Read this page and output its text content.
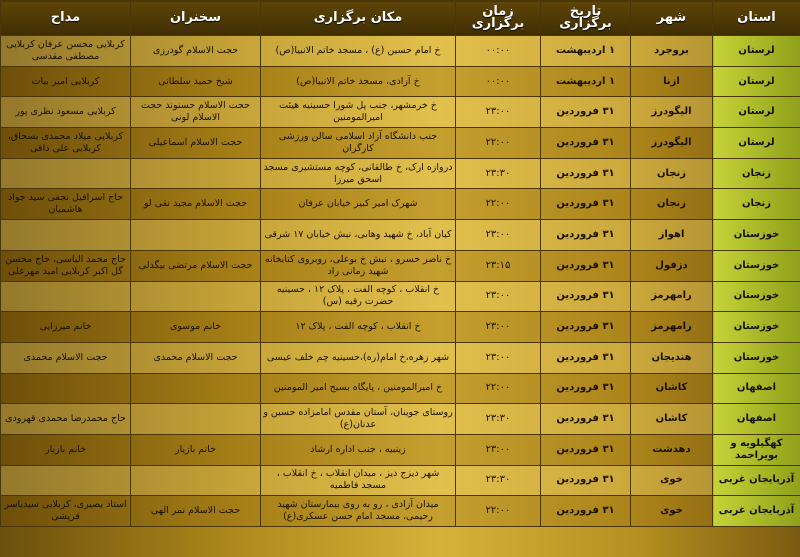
استان	شهر	تاریخ برگزاری	زمان برگزاری	مکان برگزاری	سخنران	مداح
لرستان	بروجرد	۱ اردیبهشت	۰۰:۰۰	خ امام حسین (ع) ، مسجد خاتم الانبیا(ص)	حجت الاسلام گودرزی	کربلایی محسن عرفان کربلایی مصطفی مقدسی
لرستان	ازنا	۱ اردیبهشت	۰۰:۰۰	خ آزادی، مسجد خاتم الانبیا(ص)	شیخ حمید سلطانی	کربلایی امیر بیات
لرستان	الیگودرز	۳۱ فروردین	۲۳:۰۰	خ خرمشهر، جنب پل شورا حسینیه هیئت امیرالمومنین	حجت الاسلام حسنوند حجت الاسلام لونی	کربلایی مسعود نظری پور
لرستان	الیگودرز	۳۱ فروردین	۲۲:۰۰	جنب دانشگاه آزاد اسلامی سالن ورزشی کارگران	حجت الاسلام اسماعیلی	کربلایی میلاد محمدی بسحاق، کربلایی علی ذاقی
زنجان	زنجان	۳۱ فروردین	۲۳:۳۰	دروازه ارک، خ طالقانی، کوچه مستشیری مسجد اسحق میرزا		
زنجان	زنجان	۳۱ فروردین	۲۲:۰۰	شهرک امیر کبیر خیابان عرفان	حجت الاسلام مجید نقی لو	حاج اسرافیل نجفی سید جواد هاشمیان
خوزستان	اهواز	۳۱ فروردین	۲۳:۰۰	کیان آباد، خ شهید وهابی، نبش خیابان ۱۷ شرقی		
خوزستان	دزفول	۳۱ فروردین	۲۳:۱۵	خ ناصر خسرو ، نبش خ بوعلی، روبروی کتابخانه شهید زمانی راد	حجت الاسلام مرتضی بیگدلی	حاج محمد الیاسی، حاج محسن گل اکبر کربلایی امید مهرعلی
خوزستان	رامهرمز	۳۱ فروردین	۲۳:۰۰	خ انقلاب ، کوچه الفت ، پلاک ۱۲ ، حسینیه حضرت رقیه (س)		
خوزستان	رامهرمز	۳۱ فروردین	۲۳:۰۰	خ انقلاب ، کوچه الفت ، پلاک ۱۲	خانم موسوی	خانم میرزایی
خوزستان	هندیجان	۳۱ فروردین	۲۳:۰۰	شهر زهره،خ امام(ره)،حسینیه چم خلف عیسی	حجت الاسلام محمدی	حجت الاسلام محمدی
اصفهان	کاشان	۳۱ فروردین	۲۲:۰۰	خ امیرالمومنین ، پایگاه بسیج امیر المومنین		
اصفهان	کاشان	۳۱ فروردین	۲۳:۳۰	روستای جوینان، آستان مقدس امامزاده حسین و عدنان(ع)		حاج محمدرضا محمدی قهرودی
کهگیلویه و بویراحمد	دهدشت	۳۱ فروردین	۲۳:۰۰	زینبیه ، جنب اداره ارشاد	خانم بازیار	خانم بازیار
آذربایجان غربی	خوی	۳۱ فروردین	۲۳:۳۰	شهر دیزج دیز ، میدان انقلاب ، خ انقلاب ، مسجد فاطمیه		
آذربایجان غربی	خوی	۳۱ فروردین	۲۲:۰۰	میدان آزادی ، رو به روی بیمارستان شهید رحیمی، مسجد امام حسن عسکری(ع)	حجت الاسلام نمر الهی	استاد بصیری، کربلایی سیدیاسر قریشی
